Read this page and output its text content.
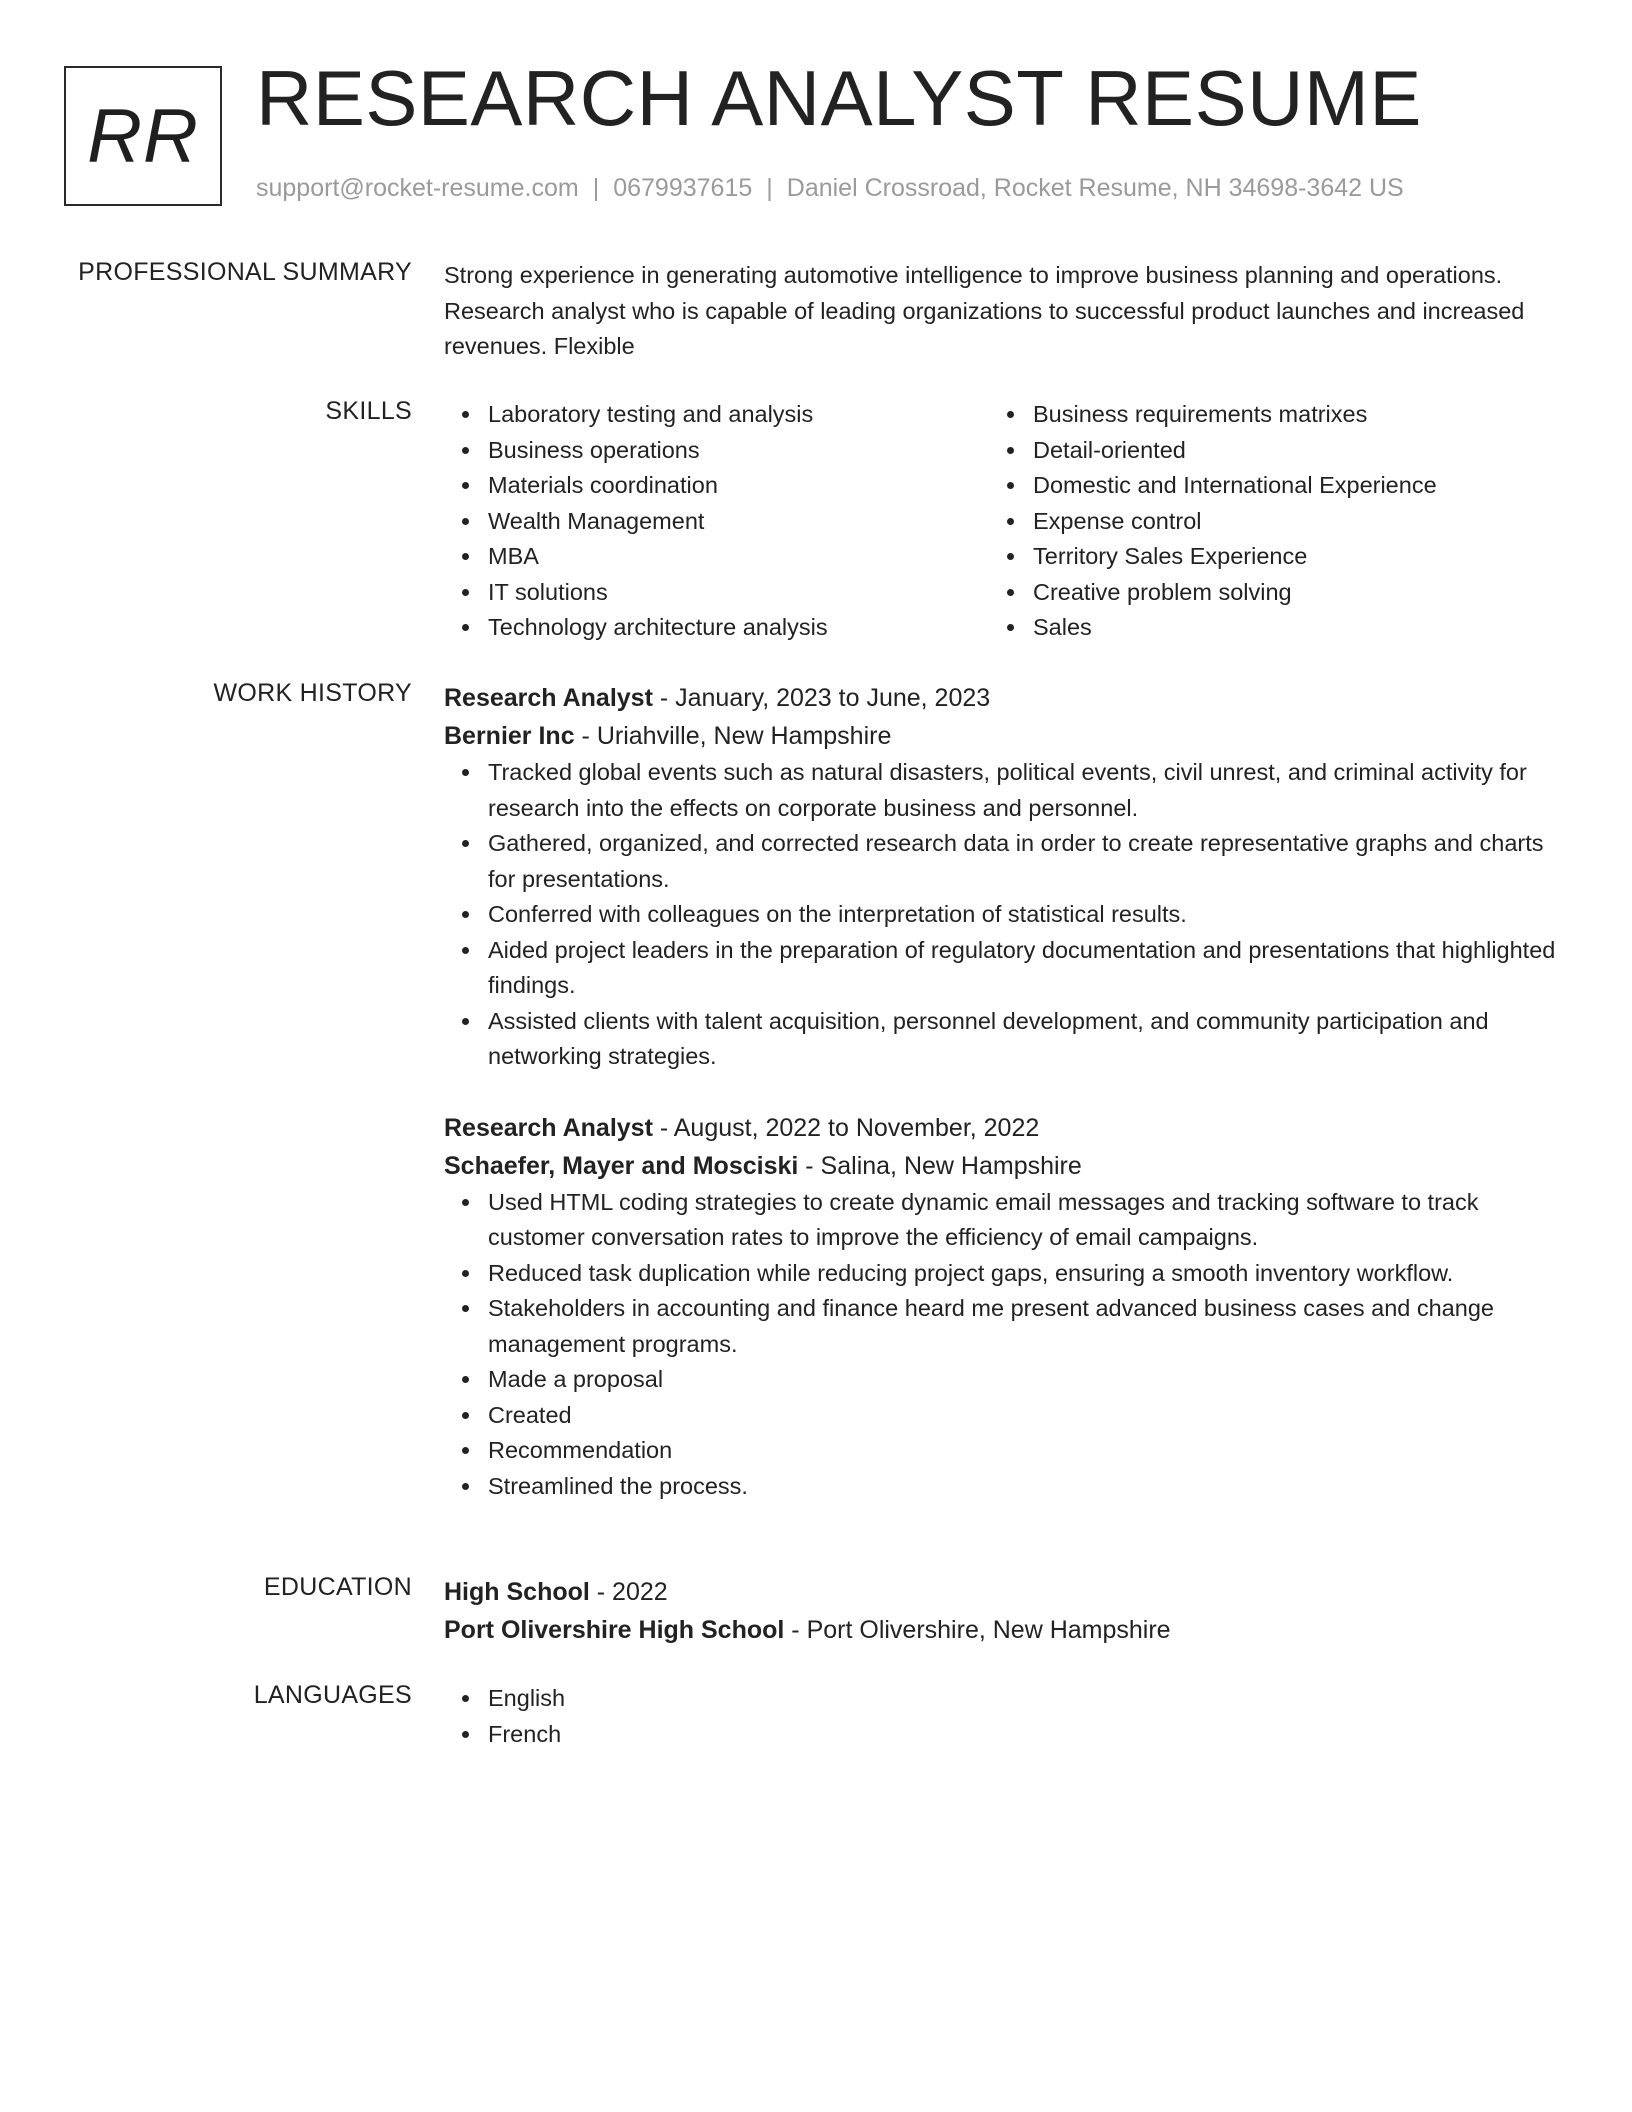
RR RESEARCH ANALYST RESUME
support@rocket-resume.com | 0679937615 | Daniel Crossroad, Rocket Resume, NH 34698-3642 US
PROFESSIONAL SUMMARY Strong experience in generating automotive intelligence to improve business planning and operations. Research analyst who is capable of leading organizations to successful product launches and increased revenues. Flexible
SKILLS	Laboratory testing and analysis
Business operations
Materials coordination
Wealth Management
MBA
IT solutions
Technology architecture analysis
Business requirements matrixes
Detail-oriented
Domestic and International Experience
Expense control
Territory Sales Experience
Creative problem solving
Sales
WORK HISTORY Research Analyst - January, 2023 to June, 2023
Bernier Inc - Uriahville, New Hampshire
Tracked global events such as natural disasters, political events, civil unrest, and criminal activity for research into the effects on corporate business and personnel.
Gathered, organized, and corrected research data in order to create representative graphs and charts for presentations.
Conferred with colleagues on the interpretation of statistical results.
Aided project leaders in the preparation of regulatory documentation and presentations that highlighted findings.
Assisted clients with talent acquisition, personnel development, and community participation and networking strategies.
Research Analyst - August, 2022 to November, 2022
Schaefer, Mayer and Mosciski - Salina, New Hampshire
Used HTML coding strategies to create dynamic email messages and tracking software to track customer conversation rates to improve the efficiency of email campaigns.
Reduced task duplication while reducing project gaps, ensuring a smooth inventory workflow.
Stakeholders in accounting and finance heard me present advanced business cases and change management programs.
Made a proposal
Created
Recommendation
Streamlined the process.
EDUCATION High School - 2022
Port Olivershire High School - Port Olivershire, New Hampshire
LANGUAGES	English
French
